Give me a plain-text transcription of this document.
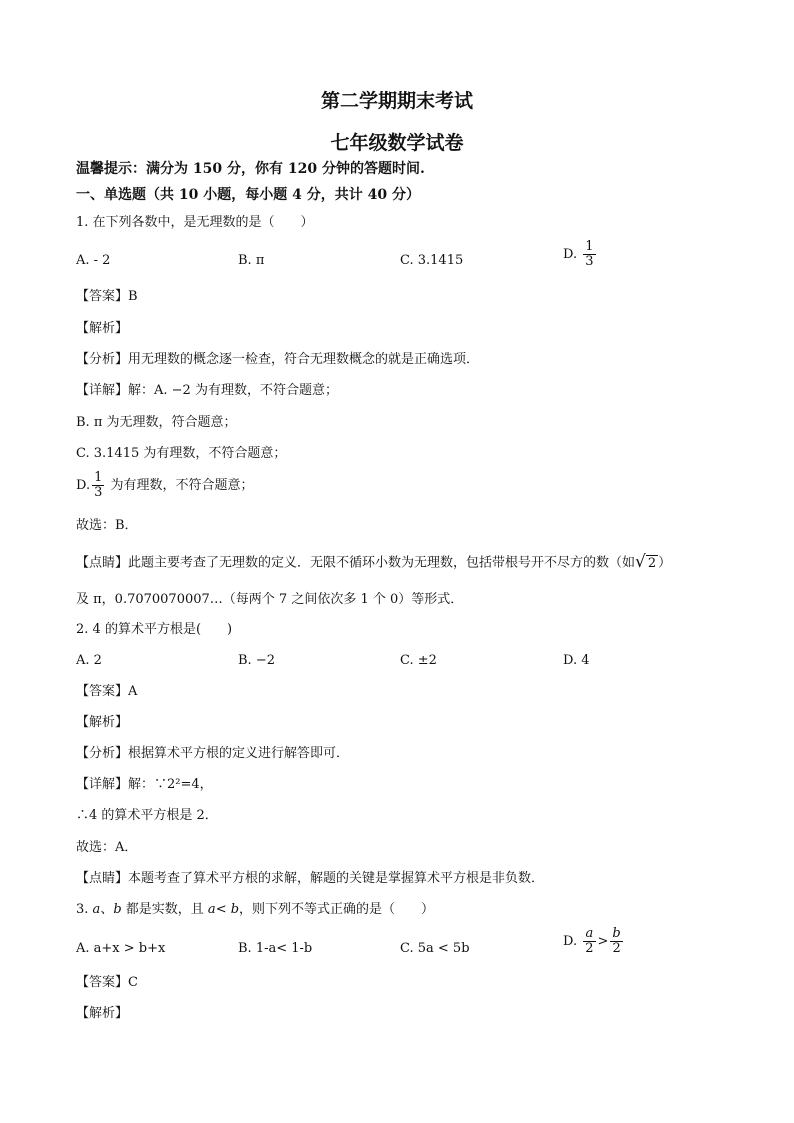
第二学期期末考试
七年级数学试卷
温馨提示：满分为 150 分，你有 120 分钟的答题时间.
一、单选题（共 10 小题，每小题 4 分，共计 40 分）
1. 在下列各数中，是无理数的是（　　）
A. - 2	B. π	C. 3.1415	D. $\frac{1}{3}$
【答案】B
【解析】
【分析】用无理数的概念逐一检查，符合无理数概念的就是正确选项．
【详解】解：A. −2 为有理数，不符合题意；
B. π 为无理数，符合题意；
C. 3.1415 为有理数，不符合题意；
D. $\frac{1}{3}$ 为有理数，不符合题意；
故选：B．
【点睛】此题主要考查了无理数的定义．无限不循环小数为无理数，包括带根号开不尽方的数（如√ 2 ）
及 π，0.7070070007…（每两个 7 之间依次多 1 个 0）等形式．
2. 4 的算术平方根是(　　)
A. 2	B. −2	C. ±2	D. 4
【答案】A
【解析】
【分析】根据算术平方根的定义进行解答即可．
【详解】解：∵2²=4，
∴4 的算术平方根是 2．
故选：A．
【点睛】本题考查了算术平方根的求解，解题的关键是掌握算术平方根是非负数．
3. a、b 都是实数，且 a< b，则下列不等式正确的是（　　）
A. a+x > b+x	B. 1-a< 1-b	C. 5a < 5b	D. $\frac{a}{2} > \frac{b}{2}$
【答案】C
【解析】
